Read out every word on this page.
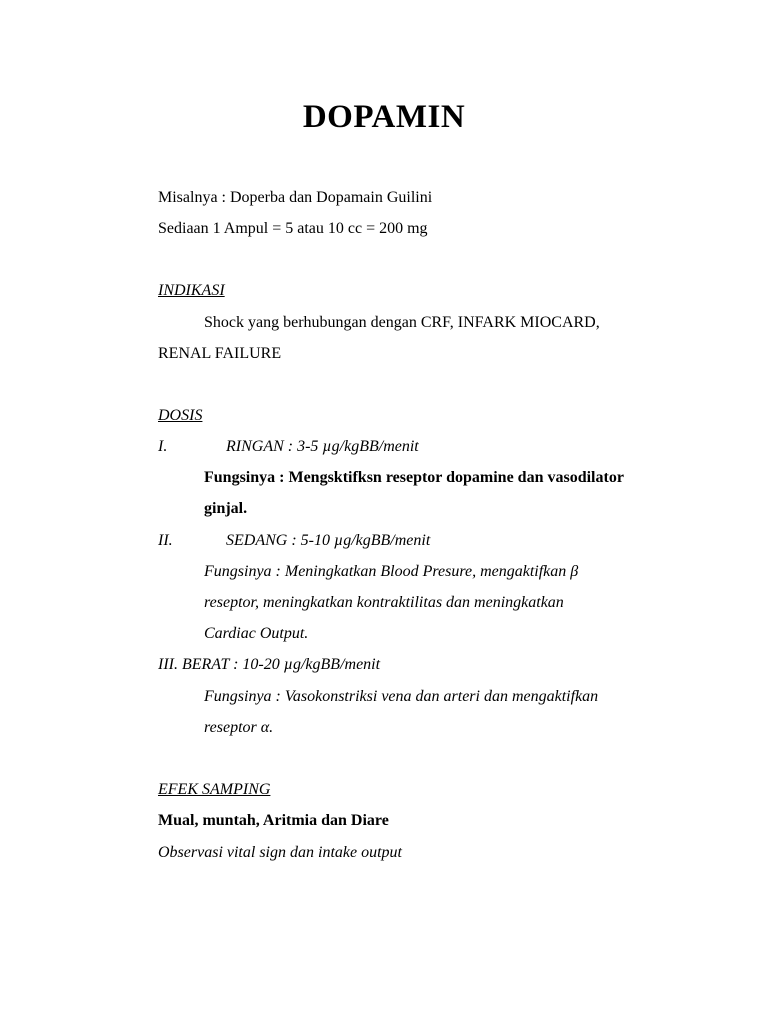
DOPAMIN
Misalnya : Doperba dan Dopamain Guilini
Sediaan 1 Ampul = 5 atau 10 cc = 200 mg
INDIKASI
Shock yang berhubungan dengan CRF, INFARK MIOCARD,
RENAL FAILURE
DOSIS
I.	RINGAN : 3-5 µg/kgBB/menit
Fungsinya : Mengsktifksn reseptor dopamine dan vasodilator
ginjal.
II.	SEDANG : 5-10 µg/kgBB/menit
Fungsinya : Meningkatkan Blood Presure, mengaktifkan β
reseptor, meningkatkan kontraktilitas dan meningkatkan
Cardiac Output.
III. BERAT : 10-20 µg/kgBB/menit
Fungsinya : Vasokonstriksi vena dan arteri dan mengaktifkan
reseptor α.
EFEK SAMPING
Mual, muntah, Aritmia dan Diare
Observasi vital sign dan intake output
